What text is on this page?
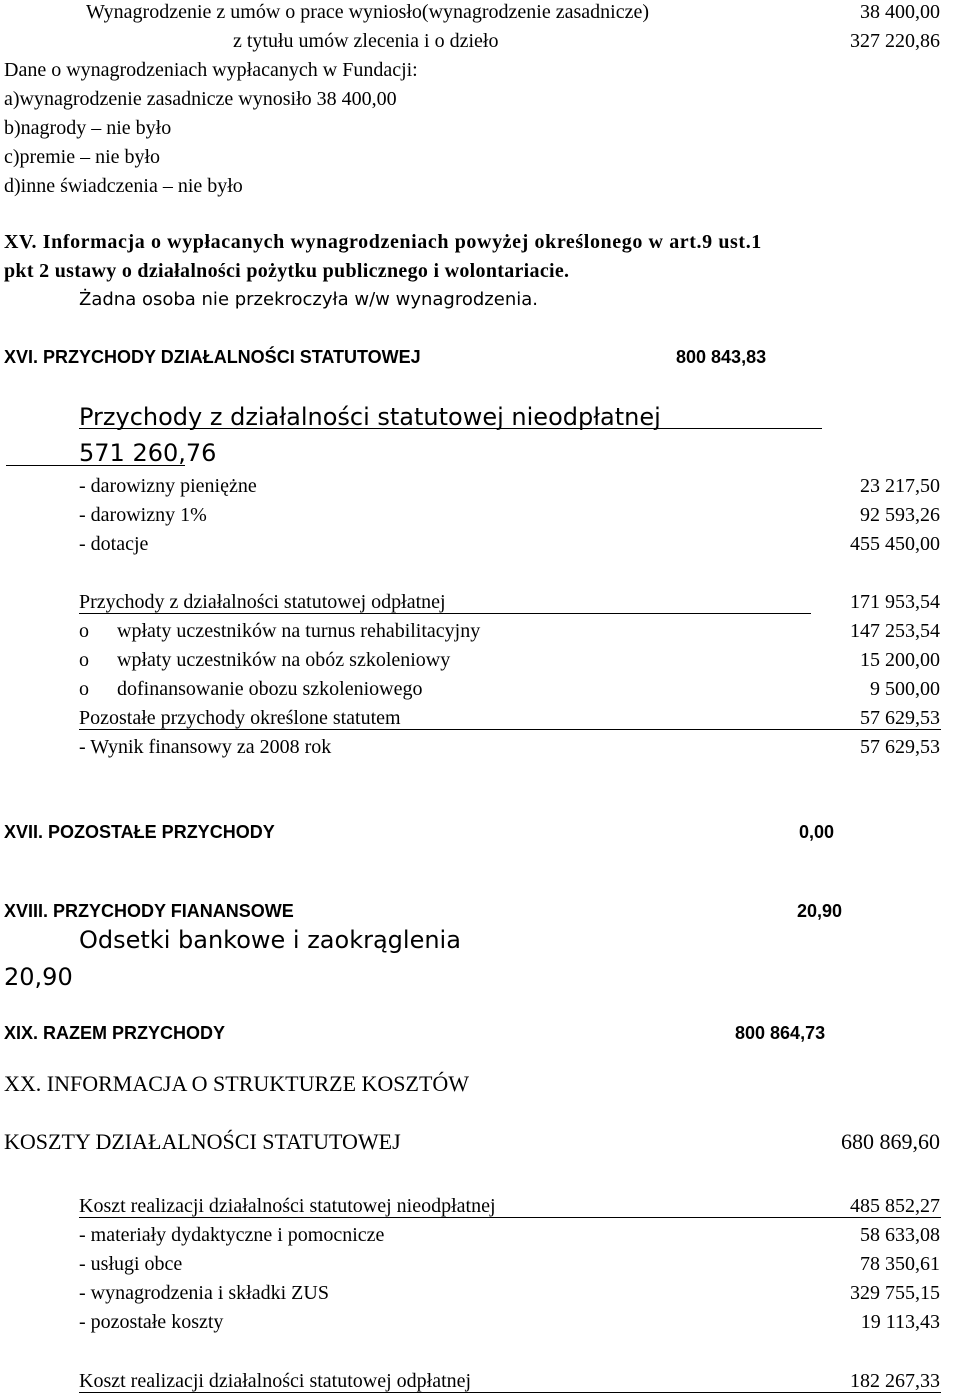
Wynagrodzenie z umów o prace wyniosło(wynagrodzenie zasadnicze)	38 400,00
z tytułu umów zlecenia i o dzieło	327 220,86
Dane o wynagrodzeniach wypłacanych w Fundacji:
a)wynagrodzenie zasadnicze wynosiło 38 400,00
b)nagrody – nie było
c)premie – nie było
d)inne świadczenia – nie było
XV. Informacja o wypłacanych wynagrodzeniach powyżej określonego w art.9 ust.1
pkt 2 ustawy o działalności pożytku publicznego i wolontariacie.
Żadna osoba nie przekroczyła w/w wynagrodzenia.
XVI. PRZYCHODY DZIAŁALNOŚCI STATUTOWEJ	800 843,83
Przychody z działalności statutowej nieodpłatnej
571 260,76
- darowizny pieniężne	23 217,50
- darowizny 1%	92 593,26
- dotacje	455 450,00
Przychody z działalności statutowej odpłatnej	171 953,54
o wpłaty uczestników na turnus rehabilitacyjny	147 253,54
o wpłaty uczestników na obóz szkoleniowy	15 200,00
o dofinansowanie obozu szkoleniowego	9 500,00
Pozostałe przychody określone statutem	57 629,53
- Wynik finansowy za 2008 rok	57 629,53
XVII. POZOSTAŁE PRZYCHODY	0,00
XVIII. PRZYCHODY FIANANSOWE	20,90
Odsetki bankowe i zaokrąglenia
20,90
XIX. RAZEM PRZYCHODY	800 864,73
XX. INFORMACJA O STRUKTURZE KOSZTÓW
KOSZTY DZIAŁALNOŚCI STATUTOWEJ	680 869,60
Koszt realizacji działalności statutowej nieodpłatnej	485 852,27
- materiały dydaktyczne i pomocnicze	58 633,08
- usługi obce	78 350,61
- wynagrodzenia i składki ZUS	329 755,15
- pozostałe koszty	19 113,43
Koszt realizacji działalności statutowej odpłatnej	182 267,33
